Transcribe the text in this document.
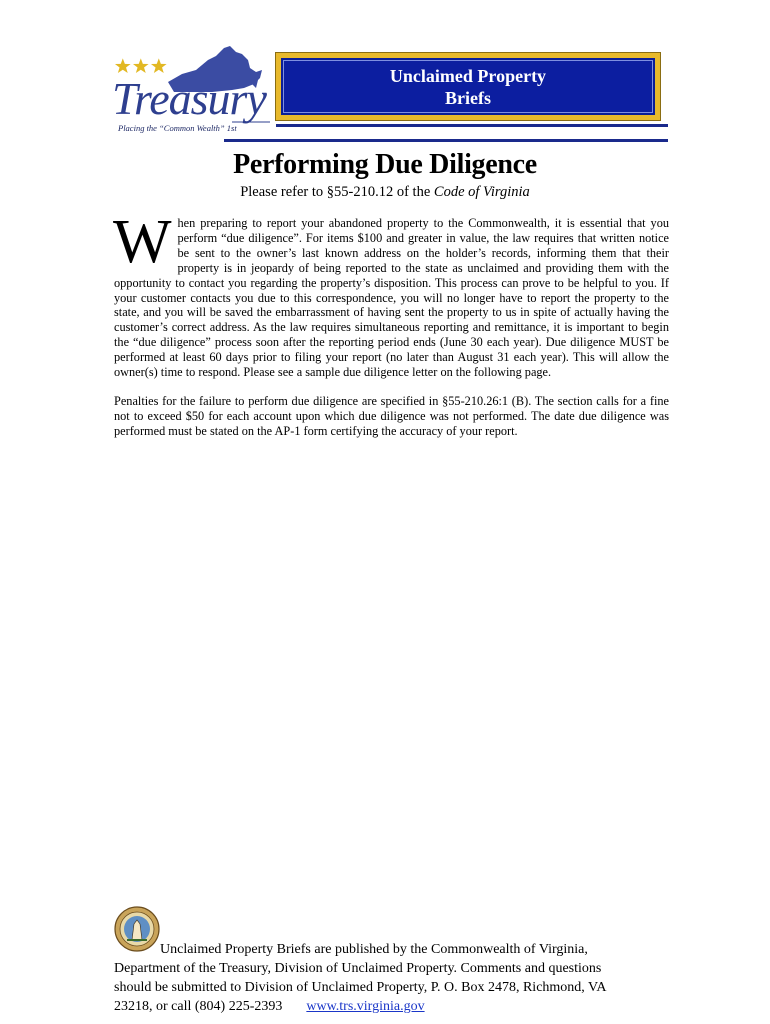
Treasury
Placing the “Common Wealth” 1st
Unclaimed Property
Briefs
Performing Due Diligence
Please refer to §55-210.12 of the Code of Virginia

When preparing to report your abandoned property to the Commonwealth, it is essential that you perform “due diligence”. For items $100 and greater in value, the law requires that written notice be sent to the owner’s last known address on the holder’s records, informing them that their property is in jeopardy of being reported to the state as unclaimed and providing them with the opportunity to contact you regarding the property’s disposition. This process can prove to be helpful to you. If your customer contacts you due to this correspondence, you will no longer have to report the property to the state, and you will be saved the embarrassment of having sent the property to us in spite of actually having the customer’s correct address. As the law requires simultaneous reporting and remittance, it is important to begin the “due diligence” process soon after the reporting period ends (June 30 each year). Due diligence MUST be performed at least 60 days prior to filing your report (no later than August 31 each year). This will allow the owner(s) time to respond. Please see a sample due diligence letter on the following page.

Penalties for the failure to perform due diligence are specified in §55-210.26:1 (B). The section calls for a fine not to exceed $50 for each account upon which due diligence was not performed. The date due diligence was performed must be stated on the AP-1 form certifying the accuracy of your report.

Unclaimed Property Briefs are published by the Commonwealth of Virginia,
Department of the Treasury, Division of Unclaimed Property. Comments and questions
should be submitted to Division of Unclaimed Property, P. O. Box 2478, Richmond, VA
23218, or call (804) 225-2393 www.trs.virginia.gov
